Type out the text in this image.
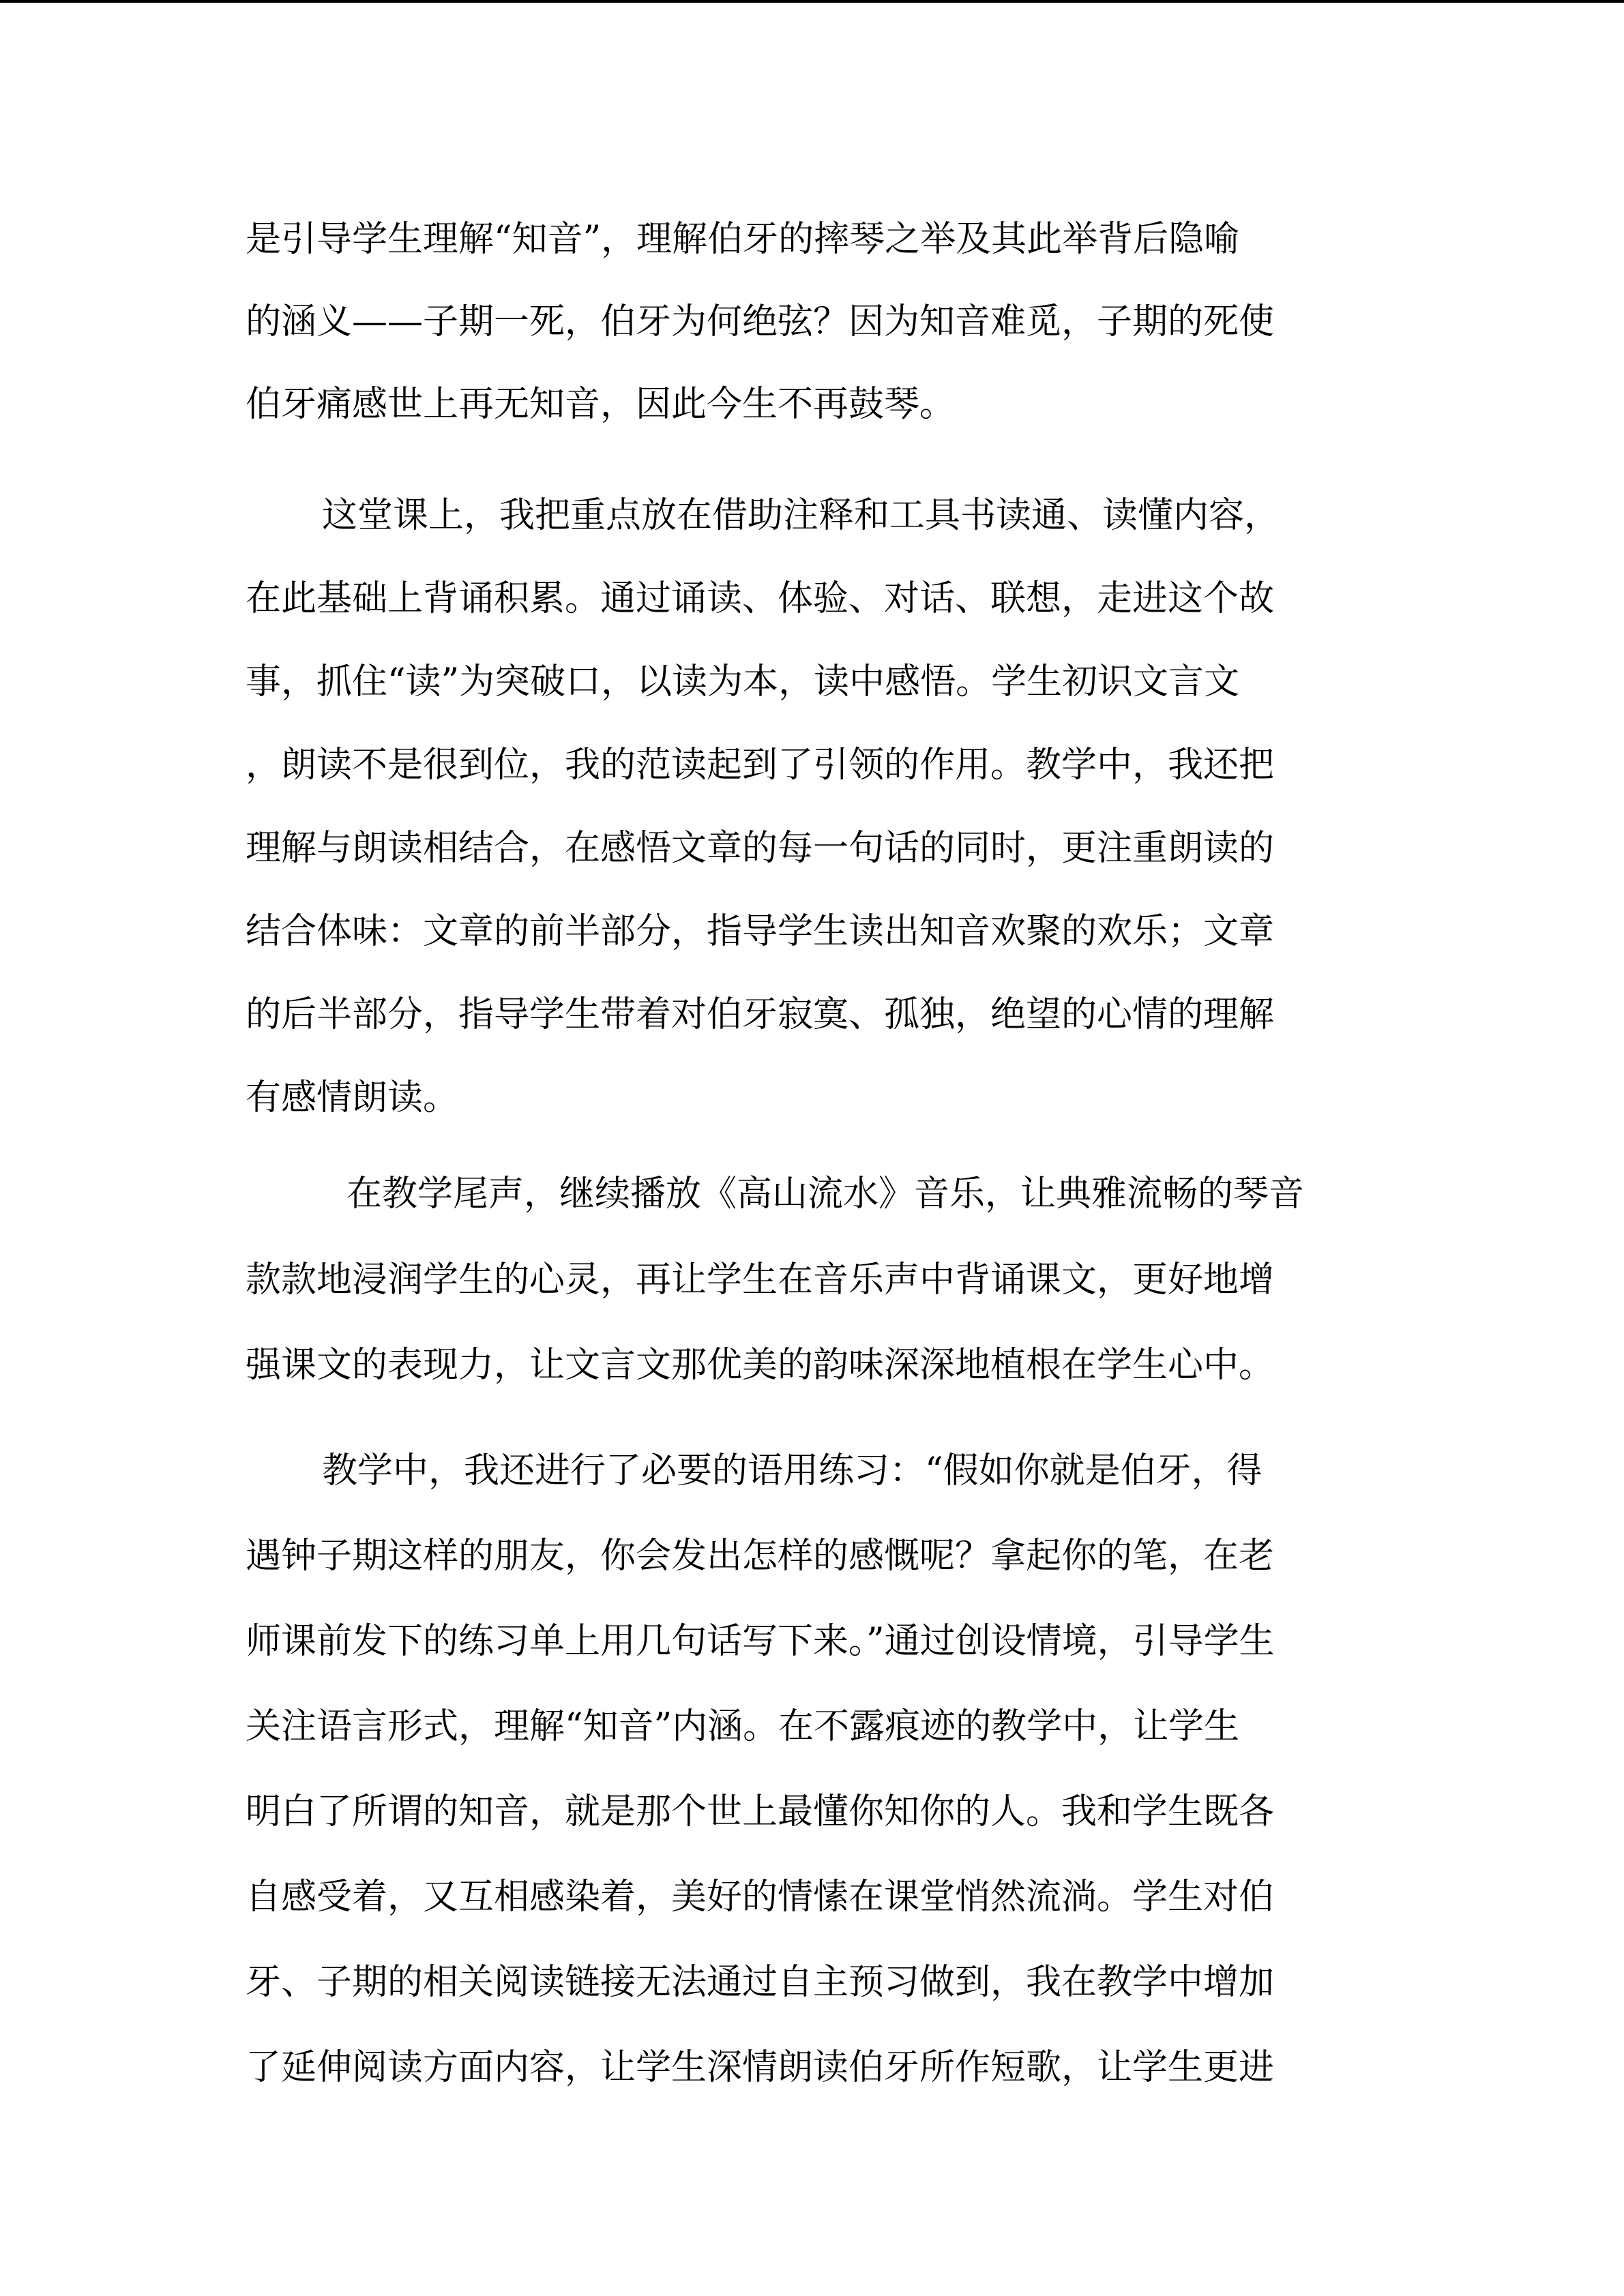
是引导学生理解“知音”，理解伯牙的摔琴之举及其此举背后隐喻
的涵义——子期一死，伯牙为何绝弦？因为知音难觅，子期的死使
伯牙痛感世上再无知音，因此今生不再鼓琴。
这堂课上，我把重点放在借助注释和工具书读通、读懂内容，
在此基础上背诵积累。通过诵读、体验、对话、联想，走进这个故
事，抓住“读”为突破口，以读为本，读中感悟。学生初识文言文
，朗读不是很到位，我的范读起到了引领的作用。教学中，我还把
理解与朗读相结合，在感悟文章的每一句话的同时，更注重朗读的
结合体味：文章的前半部分，指导学生读出知音欢聚的欢乐；文章
的后半部分，指导学生带着对伯牙寂寞、孤独，绝望的心情的理解
有感情朗读。
在教学尾声，继续播放《高山流水》音乐，让典雅流畅的琴音
款款地浸润学生的心灵，再让学生在音乐声中背诵课文，更好地增
强课文的表现力，让文言文那优美的韵味深深地植根在学生心中。
教学中，我还进行了必要的语用练习：“假如你就是伯牙，得
遇钟子期这样的朋友，你会发出怎样的感慨呢？拿起你的笔，在老
师课前发下的练习单上用几句话写下来。”通过创设情境，引导学生
关注语言形式，理解“知音”内涵。在不露痕迹的教学中，让学生
明白了所谓的知音，就是那个世上最懂你知你的人。我和学生既各
自感受着，又互相感染着，美好的情愫在课堂悄然流淌。学生对伯
牙、子期的相关阅读链接无法通过自主预习做到，我在教学中增加
了延伸阅读方面内容，让学生深情朗读伯牙所作短歌，让学生更进
